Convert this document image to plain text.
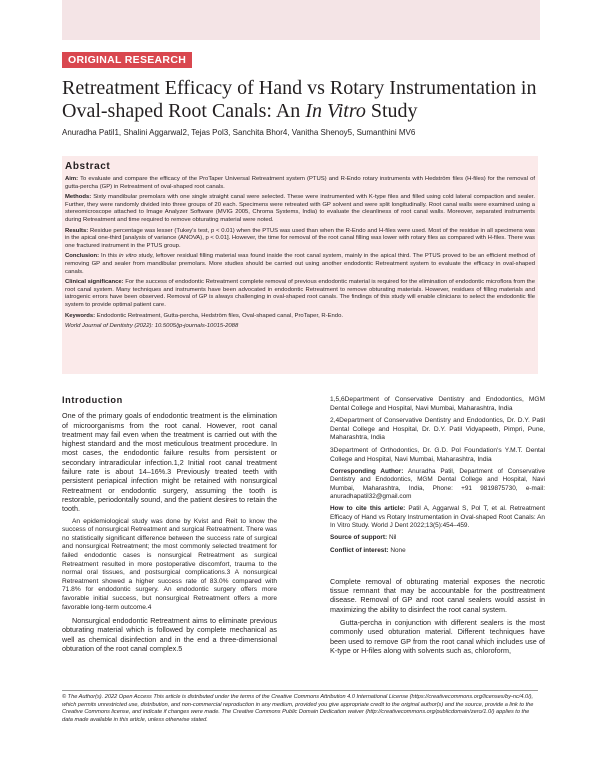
ORIGINAL RESEARCH
Retreatment Efficacy of Hand vs Rotary Instrumentation in Oval-shaped Root Canals: An In Vitro Study
Anuradha Patil1, Shalini Aggarwal2, Tejas Pol3, Sanchita Bhor4, Vanitha Shenoy5, Sumanthini MV6
Abstract

Aim: To evaluate and compare the efficacy of the ProTaper Universal Retreatment system (PTUS) and R-Endo rotary instruments with Hedström files (H-files) for the removal of gutta-percha (GP) in Retreatment of oval-shaped root canals.

Methods: Sixty mandibular premolars with one single straight canal were selected. These were instrumented with K-type files and filled using cold lateral compaction and sealer. Further, they were randomly divided into three groups of 20 each. Specimens were retreated with GP solvent and were split longitudinally. Root canal walls were examined using a stereomicroscope attached to Image Analyzer Software (MVIG 2005, Chroma Systems, India) to evaluate the cleanliness of root canal walls. Moreover, separated instruments during Retreatment and time required to remove obturating material were noted.

Results: Residue percentage was lesser (Tukey's test, p < 0.01) when the PTUS was used than when the R-Endo and H-files were used. Most of the residue in all specimens was in the apical one-third [analysis of variance (ANOVA), p < 0.01]. However, the time for removal of the root canal filling was lower with rotary files as compared with H-files. There was one fractured instrument in the PTUS group.

Conclusion: In this in vitro study, leftover residual filling material was found inside the root canal system, mainly in the apical third. The PTUS proved to be an efficient method of removing GP and sealer from mandibular premolars. More studies should be carried out using another endodontic Retreatment system to evaluate the efficacy in oval-shaped canals.

Clinical significance: For the success of endodontic Retreatment complete removal of previous endodontic material is required for the elimination of endodontic microflora from the root canal system. Many techniques and instruments have been advocated in endodontic Retreatment to remove obturating materials. However, residues of filling materials and iatrogenic errors have been observed. Removal of GP is always challenging in oval-shaped root canals. The findings of this study will enable clinicians to select the endodontic file system to provide optimal patient care.

Keywords: Endodontic Retreatment, Gutta-percha, Hedström files, Oval-shaped canal, ProTaper, R-Endo.

World Journal of Dentistry (2022): 10.5005/jp-journals-10015-2088

Introduction

One of the primary goals of endodontic treatment is the elimination of microorganisms from the root canal. However, root canal treatment may fail even when the treatment is carried out with the highest standard and the most meticulous treatment procedure. In most cases, the endodontic failure results from persistent or secondary intraradicular infection.1,2 Initial root canal treatment failure rate is about 14–16%.3 Previously treated teeth with persistent periapical infection might be retained with nonsurgical Retreatment or endodontic surgery, assuming the tooth is restorable, periodontally sound, and the patient desires to retain the tooth.

An epidemiological study was done by Kvist and Reit to know the success of nonsurgical Retreatment and surgical Retreatment. There was no statistically significant difference between the success rate of surgical and nonsurgical Retreatment; the most commonly selected treatment for failed endodontic cases is nonsurgical Retreatment as surgical Retreatment resulted in more postoperative discomfort, trauma to the normal oral tissues, and postsurgical complications.3 A nonsurgical Retreatment showed a higher success rate of 83.0% compared with 71.8% for endodontic surgery. An endodontic surgery offers more favorable initial success, but nonsurgical Retreatment offers a more favorable long-term outcome.4

Nonsurgical endodontic Retreatment aims to eliminate previous obturating material which is followed by complete mechanical as well as chemical disinfection and in the end a three-dimensional obturation of the root canal complex.5

1,5,6Department of Conservative Dentistry and Endodontics, MGM Dental College and Hospital, Navi Mumbai, Maharashtra, India

2,4Department of Conservative Dentistry and Endodontics, Dr. D.Y. Patil Dental College and Hospital, Dr. D.Y. Patil Vidyapeeth, Pimpri, Pune, Maharashtra, India

3Department of Orthodontics, Dr. G.D. Pol Foundation's Y.M.T. Dental College and Hospital, Navi Mumbai, Maharashtra, India

Corresponding Author: Anuradha Patil, Department of Conservative Dentistry and Endodontics, MGM Dental College and Hospital, Navi Mumbai, Maharashtra, India, Phone: +91 9819875730, e-mail: anuradhapatil32@gmail.com

How to cite this article: Patil A, Aggarwal S, Pol T, et al. Retreatment Efficacy of Hand vs Rotary Instrumentation in Oval-shaped Root Canals: An In Vitro Study. World J Dent 2022;13(5):454–459.

Source of support: Nil

Conflict of interest: None

Complete removal of obturating material exposes the necrotic tissue remnant that may be accountable for the posttreatment disease. Removal of GP and root canal sealers would assist in maximizing the ability to disinfect the root canal system.

Gutta-percha in conjunction with different sealers is the most commonly used obturation material. Different techniques have been used to remove GP from the root canal which includes use of K-type or H-files along with solvents such as, chloroform,

© The Author(s). 2022 Open Access This article is distributed under the terms of the Creative Commons Attribution 4.0 International License (https://creativecommons.org/licenses/by-nc/4.0/), which permits unrestricted use, distribution, and non-commercial reproduction in any medium, provided you give appropriate credit to the original author(s) and the source, provide a link to the Creative Commons license, and indicate if changes were made. The Creative Commons Public Domain Dedication waiver (http://creativecommons.org/publicdomain/zero/1.0/) applies to the data made available in this article, unless otherwise stated.
